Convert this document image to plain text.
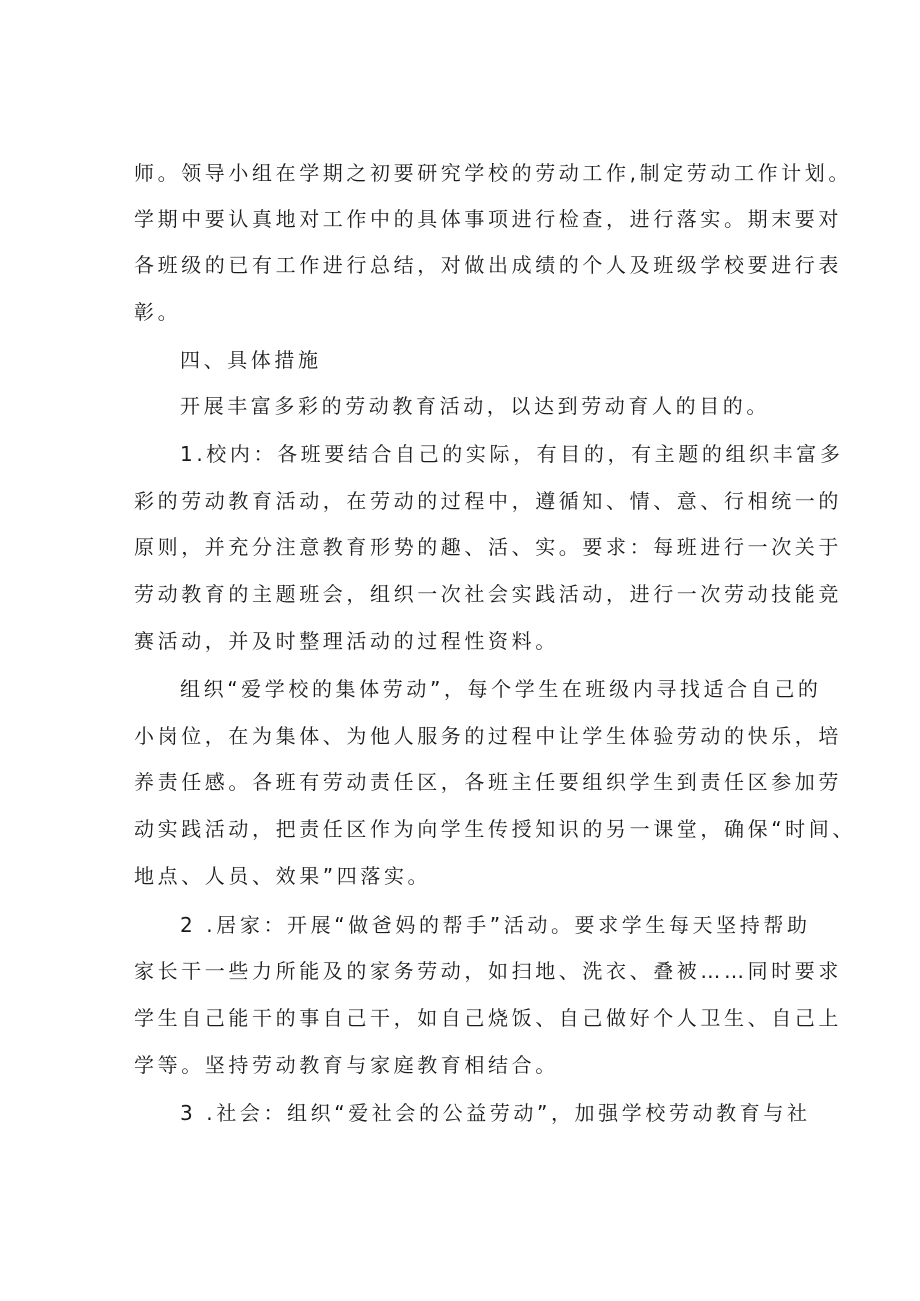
师。领导小组在学期之初要研究学校的劳动工作,制定劳动工作计划。
学期中要认真地对工作中的具体事项进行检查，进行落实。期末要对
各班级的已有工作进行总结，对做出成绩的个人及班级学校要进行表
彰。
四、具体措施
开展丰富多彩的劳动教育活动，以达到劳动育人的目的。
1.校内：各班要结合自己的实际，有目的，有主题的组织丰富多
彩的劳动教育活动，在劳动的过程中，遵循知、情、意、行相统一的
原则，并充分注意教育形势的趣、活、实。要求：每班进行一次关于
劳动教育的主题班会，组织一次社会实践活动，进行一次劳动技能竞
赛活动，并及时整理活动的过程性资料。
组织“爱学校的集体劳动”，每个学生在班级内寻找适合自己的
小岗位，在为集体、为他人服务的过程中让学生体验劳动的快乐，培
养责任感。各班有劳动责任区，各班主任要组织学生到责任区参加劳
动实践活动，把责任区作为向学生传授知识的另一课堂，确保“时间、
地点、人员、效果”四落实。
2 .居家：开展“做爸妈的帮手”活动。要求学生每天坚持帮助
家长干一些力所能及的家务劳动，如扫地、洗衣、叠被……同时要求
学生自己能干的事自己干，如自己烧饭、自己做好个人卫生、自己上
学等。坚持劳动教育与家庭教育相结合。
3 .社会：组织“爱社会的公益劳动”，加强学校劳动教育与社
